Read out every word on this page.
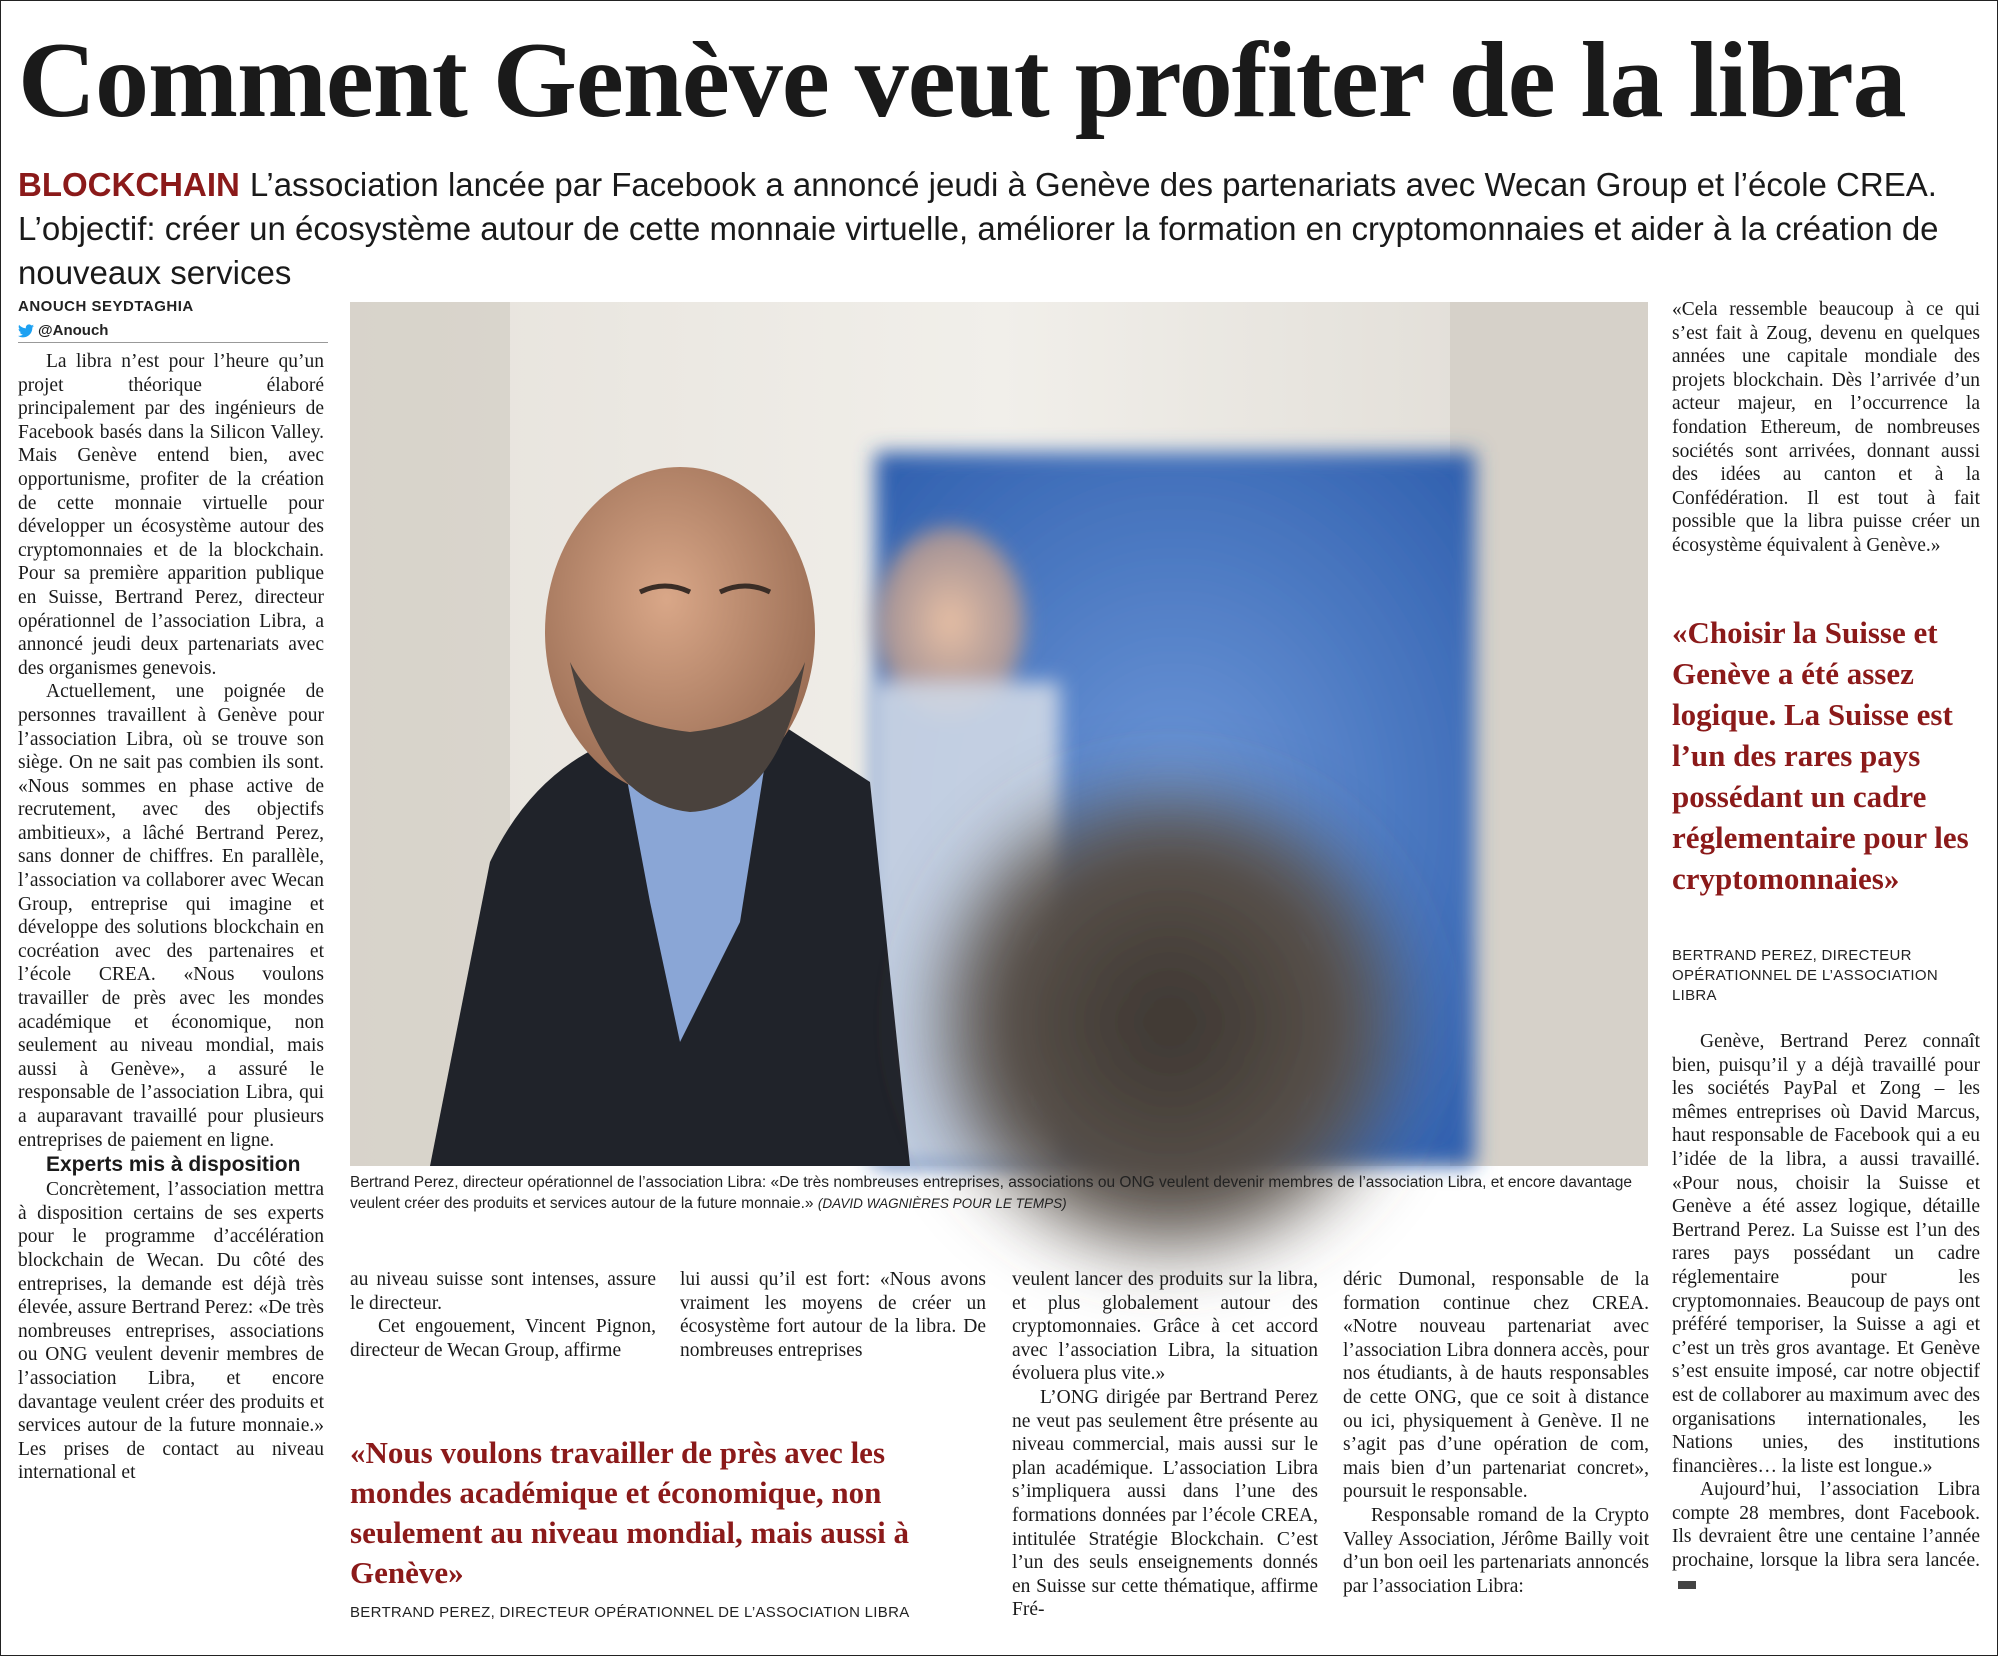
Comment Genève veut profiter de la libra
BLOCKCHAIN L’association lancée par Facebook a annoncé jeudi à Genève des partenariats avec Wecan Group et l’école CREA. L’objectif: créer un écosystème autour de cette monnaie virtuelle, améliorer la formation en cryptomonnaies et aider à la création de nouveaux services
ANOUCH SEYDTAGHIA
@Anouch

La libra n’est pour l’heure qu’un projet théorique élaboré principalement par des ingénieurs de Facebook basés dans la Silicon Valley. Mais Genève entend bien, avec opportunisme, profiter de la création de cette monnaie virtuelle pour développer un écosystème autour des cryptomonnaies et de la blockchain. Pour sa première apparition publique en Suisse, Bertrand Perez, directeur opérationnel de l’association Libra, a annoncé jeudi deux partenariats avec des organismes genevois.

Actuellement, une poignée de personnes travaillent à Genève pour l’association Libra, où se trouve son siège. On ne sait pas combien ils sont. «Nous sommes en phase active de recrutement, avec des objectifs ambitieux», a lâché Bertrand Perez, sans donner de chiffres. En parallèle, l’association va collaborer avec Wecan Group, entreprise qui imagine et développe des solutions blockchain en cocréation avec des partenaires et l’école CREA. «Nous voulons travailler de près avec les mondes académique et économique, non seulement au niveau mondial, mais aussi à Genève», a assuré le responsable de l’association Libra, qui a auparavant travaillé pour plusieurs entreprises de paiement en ligne.

Experts mis à disposition

Concrètement, l’association mettra à disposition certains de ses experts pour le programme d’accélération blockchain de Wecan. Du côté des entreprises, la demande est déjà très élevée, assure Bertrand Perez: «De très nombreuses entreprises, associations ou ONG veulent devenir membres de l’association Libra, et encore davantage veulent créer des produits et services autour de la future monnaie.» Les prises de contact au niveau international et

Bertrand Perez, directeur opérationnel de l’association Libra: «De très nombreuses entreprises, associations ou ONG veulent devenir membres de l’association Libra, et encore davantage veulent créer des produits et services autour de la future monnaie.» (DAVID WAGNIÈRES POUR LE TEMPS)

au niveau suisse sont intenses, assure le directeur.

Cet engouement, Vincent Pignon, directeur de Wecan Group, affirme

lui aussi qu’il est fort: «Nous avons vraiment les moyens de créer un écosystème fort autour de la libra. De nombreuses entreprises

«Nous voulons travailler de près avec les mondes académique et économique, non seulement au niveau mondial, mais aussi à Genève»
BERTRAND PEREZ, DIRECTEUR OPÉRATIONNEL DE L’ASSOCIATION LIBRA

veulent lancer des produits sur la libra, et plus globalement autour des cryptomonnaies. Grâce à cet accord avec l’association Libra, la situation évoluera plus vite.»

L’ONG dirigée par Bertrand Perez ne veut pas seulement être présente au niveau commercial, mais aussi sur le plan académique. L’association Libra s’impliquera aussi dans l’une des formations données par l’école CREA, intitulée Stratégie Blockchain. C’est l’un des seuls enseignements donnés en Suisse sur cette thématique, affirme Fré-

déric Dumonal, responsable de la formation continue chez CREA. «Notre nouveau partenariat avec l’association Libra donnera accès, pour nos étudiants, à de hauts responsables de cette ONG, que ce soit à distance ou ici, physiquement à Genève. Il ne s’agit pas d’une opération de com, mais bien d’un partenariat concret», poursuit le responsable.

Responsable romand de la Crypto Valley Association, Jérôme Bailly voit d’un bon oeil les partenariats annoncés par l’association Libra:

«Cela ressemble beaucoup à ce qui s’est fait à Zoug, devenu en quelques années une capitale mondiale des projets blockchain. Dès l’arrivée d’un acteur majeur, en l’occurrence la fondation Ethereum, de nombreuses sociétés sont arrivées, donnant aussi des idées au canton et à la Confédération. Il est tout à fait possible que la libra puisse créer un écosystème équivalent à Genève.»

«Choisir la Suisse et Genève a été assez logique. La Suisse est l’un des rares pays possédant un cadre réglementaire pour les cryptomonnaies»
BERTRAND PEREZ, DIRECTEUR OPÉRATIONNEL DE L’ASSOCIATION LIBRA

Genève, Bertrand Perez connaît bien, puisqu’il y a déjà travaillé pour les sociétés PayPal et Zong – les mêmes entreprises où David Marcus, haut responsable de Facebook qui a eu l’idée de la libra, a aussi travaillé. «Pour nous, choisir la Suisse et Genève a été assez logique, détaille Bertrand Perez. La Suisse est l’un des rares pays possédant un cadre réglementaire pour les cryptomonnaies. Beaucoup de pays ont préféré temporiser, la Suisse a agi et c’est un très gros avantage. Et Genève s’est ensuite imposé, car notre objectif est de collaborer au maximum avec des organisations internationales, les Nations unies, des institutions financières… la liste est longue.»

Aujourd’hui, l’association Libra compte 28 membres, dont Facebook. Ils devraient être une centaine l’année prochaine, lorsque la libra sera lancée.
